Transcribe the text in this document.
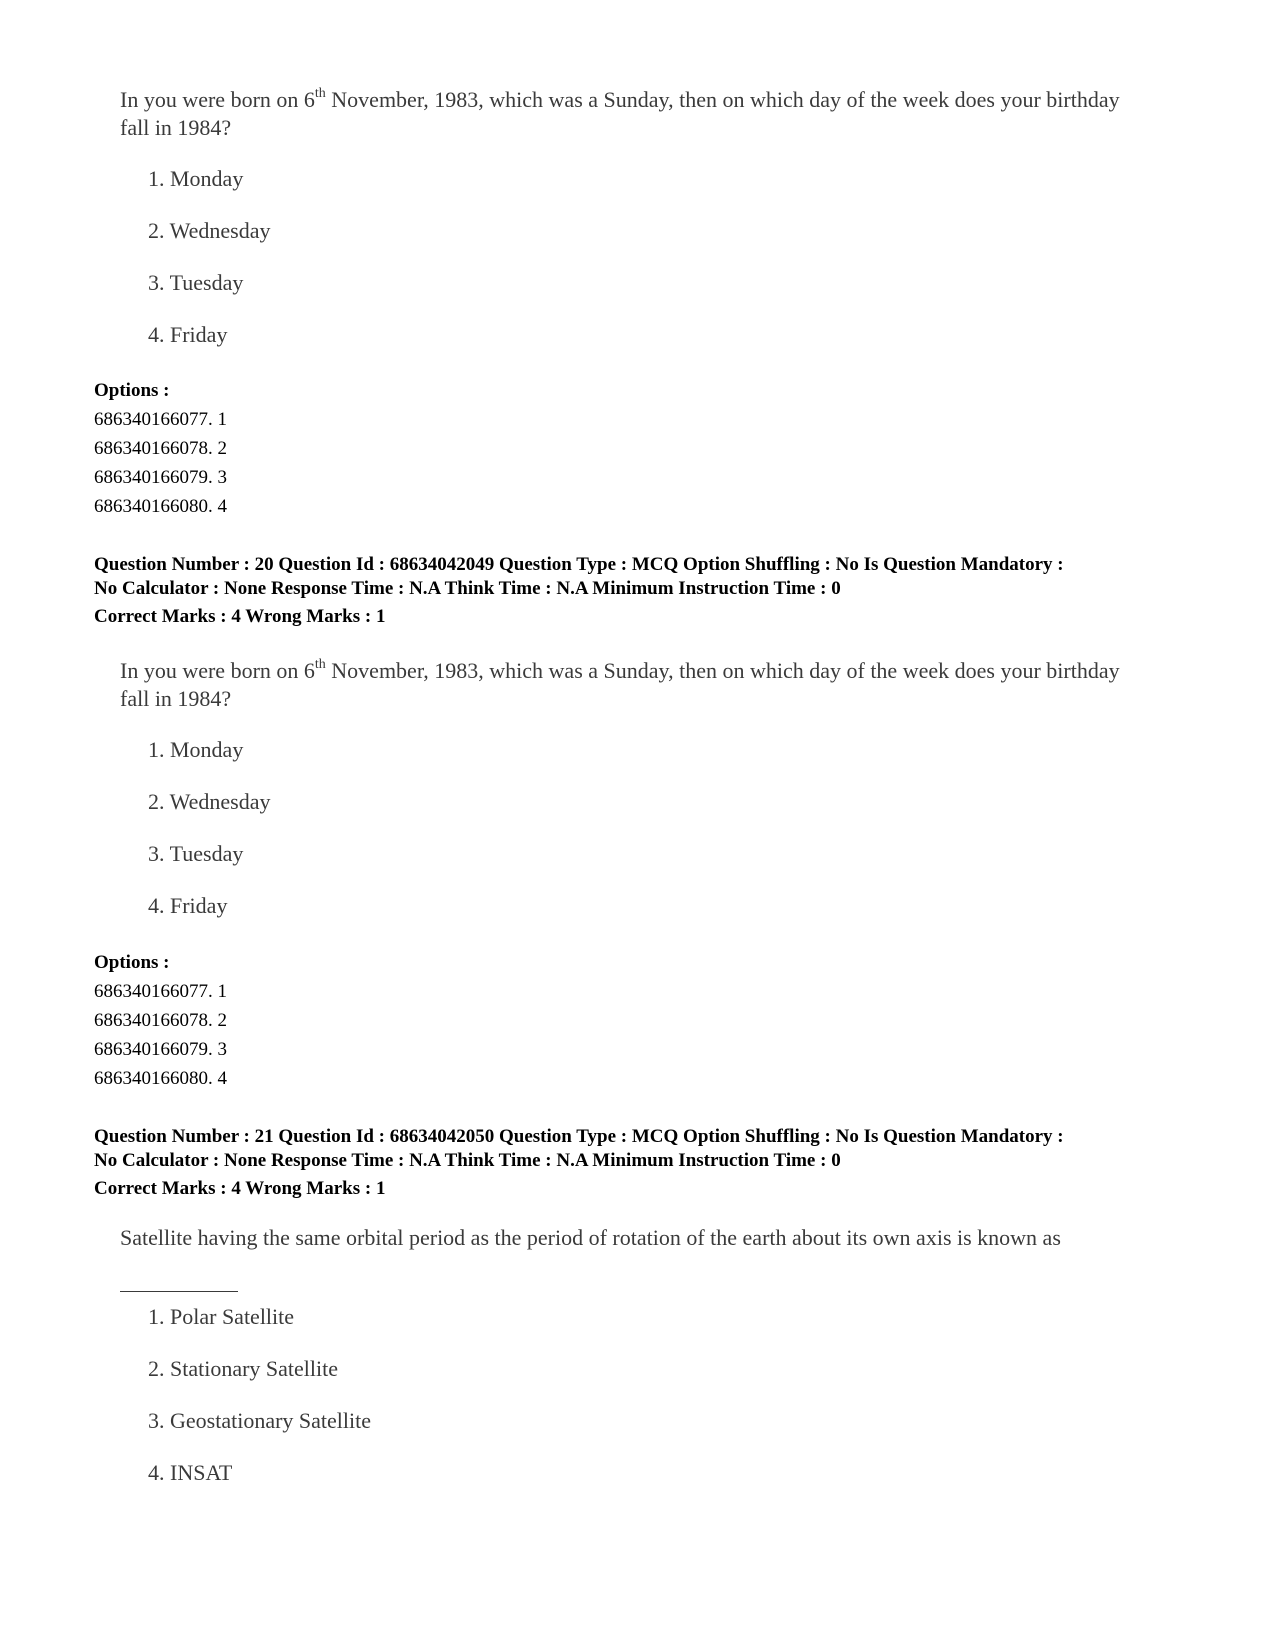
In you were born on 6th November, 1983, which was a Sunday, then on which day of the week does your birthday fall in 1984?
1. Monday
2. Wednesday
3. Tuesday
4. Friday
Options :
686340166077. 1
686340166078. 2
686340166079. 3
686340166080. 4
Question Number : 20 Question Id : 68634042049 Question Type : MCQ Option Shuffling : No Is Question Mandatory :
No Calculator : None Response Time : N.A Think Time : N.A Minimum Instruction Time : 0
Correct Marks : 4 Wrong Marks : 1
In you were born on 6th November, 1983, which was a Sunday, then on which day of the week does your birthday fall in 1984?
1. Monday
2. Wednesday
3. Tuesday
4. Friday
Options :
686340166077. 1
686340166078. 2
686340166079. 3
686340166080. 4
Question Number : 21 Question Id : 68634042050 Question Type : MCQ Option Shuffling : No Is Question Mandatory :
No Calculator : None Response Time : N.A Think Time : N.A Minimum Instruction Time : 0
Correct Marks : 4 Wrong Marks : 1
Satellite having the same orbital period as the period of rotation of the earth about its own axis is known as
1. Polar Satellite
2. Stationary Satellite
3. Geostationary Satellite
4. INSAT
